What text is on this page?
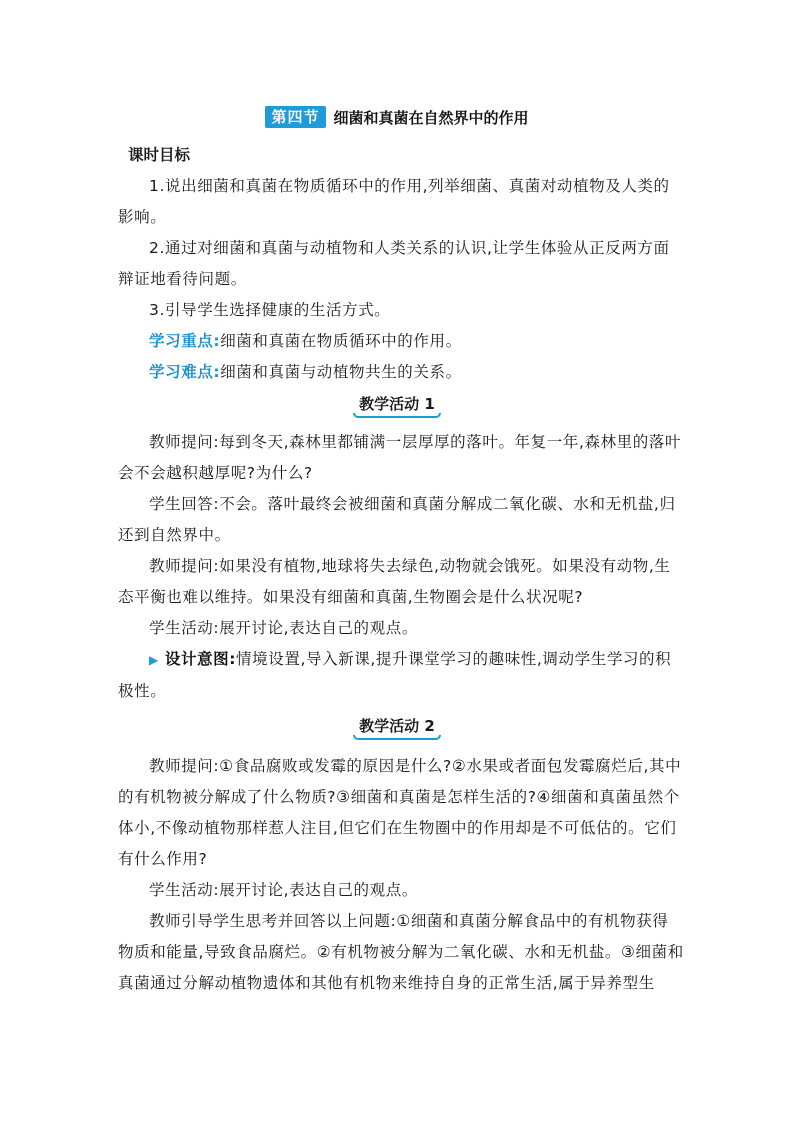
第四节 细菌和真菌在自然界中的作用
课时目标
1.说出细菌和真菌在物质循环中的作用,列举细菌、真菌对动植物及人类的影响。
2.通过对细菌和真菌与动植物和人类关系的认识,让学生体验从正反两方面辩证地看待问题。
3.引导学生选择健康的生活方式。
学习重点:细菌和真菌在物质循环中的作用。
学习难点:细菌和真菌与动植物共生的关系。
教学活动 1
教师提问:每到冬天,森林里都铺满一层厚厚的落叶。年复一年,森林里的落叶会不会越积越厚呢?为什么?
学生回答:不会。落叶最终会被细菌和真菌分解成二氧化碳、水和无机盐,归还到自然界中。
教师提问:如果没有植物,地球将失去绿色,动物就会饿死。如果没有动物,生态平衡也难以维持。如果没有细菌和真菌,生物圈会是什么状况呢?
学生活动:展开讨论,表达自己的观点。
▶ 设计意图:情境设置,导入新课,提升课堂学习的趣味性,调动学生学习的积极性。
教学活动 2
教师提问:①食品腐败或发霉的原因是什么?②水果或者面包发霉腐烂后,其中的有机物被分解成了什么物质?③细菌和真菌是怎样生活的?④细菌和真菌虽然个体小,不像动植物那样惹人注目,但它们在生物圈中的作用却是不可低估的。它们有什么作用?
学生活动:展开讨论,表达自己的观点。
教师引导学生思考并回答以上问题:①细菌和真菌分解食品中的有机物获得物质和能量,导致食品腐烂。②有机物被分解为二氧化碳、水和无机盐。③细菌和真菌通过分解动植物遗体和其他有机物来维持自身的正常生活,属于异养型生
